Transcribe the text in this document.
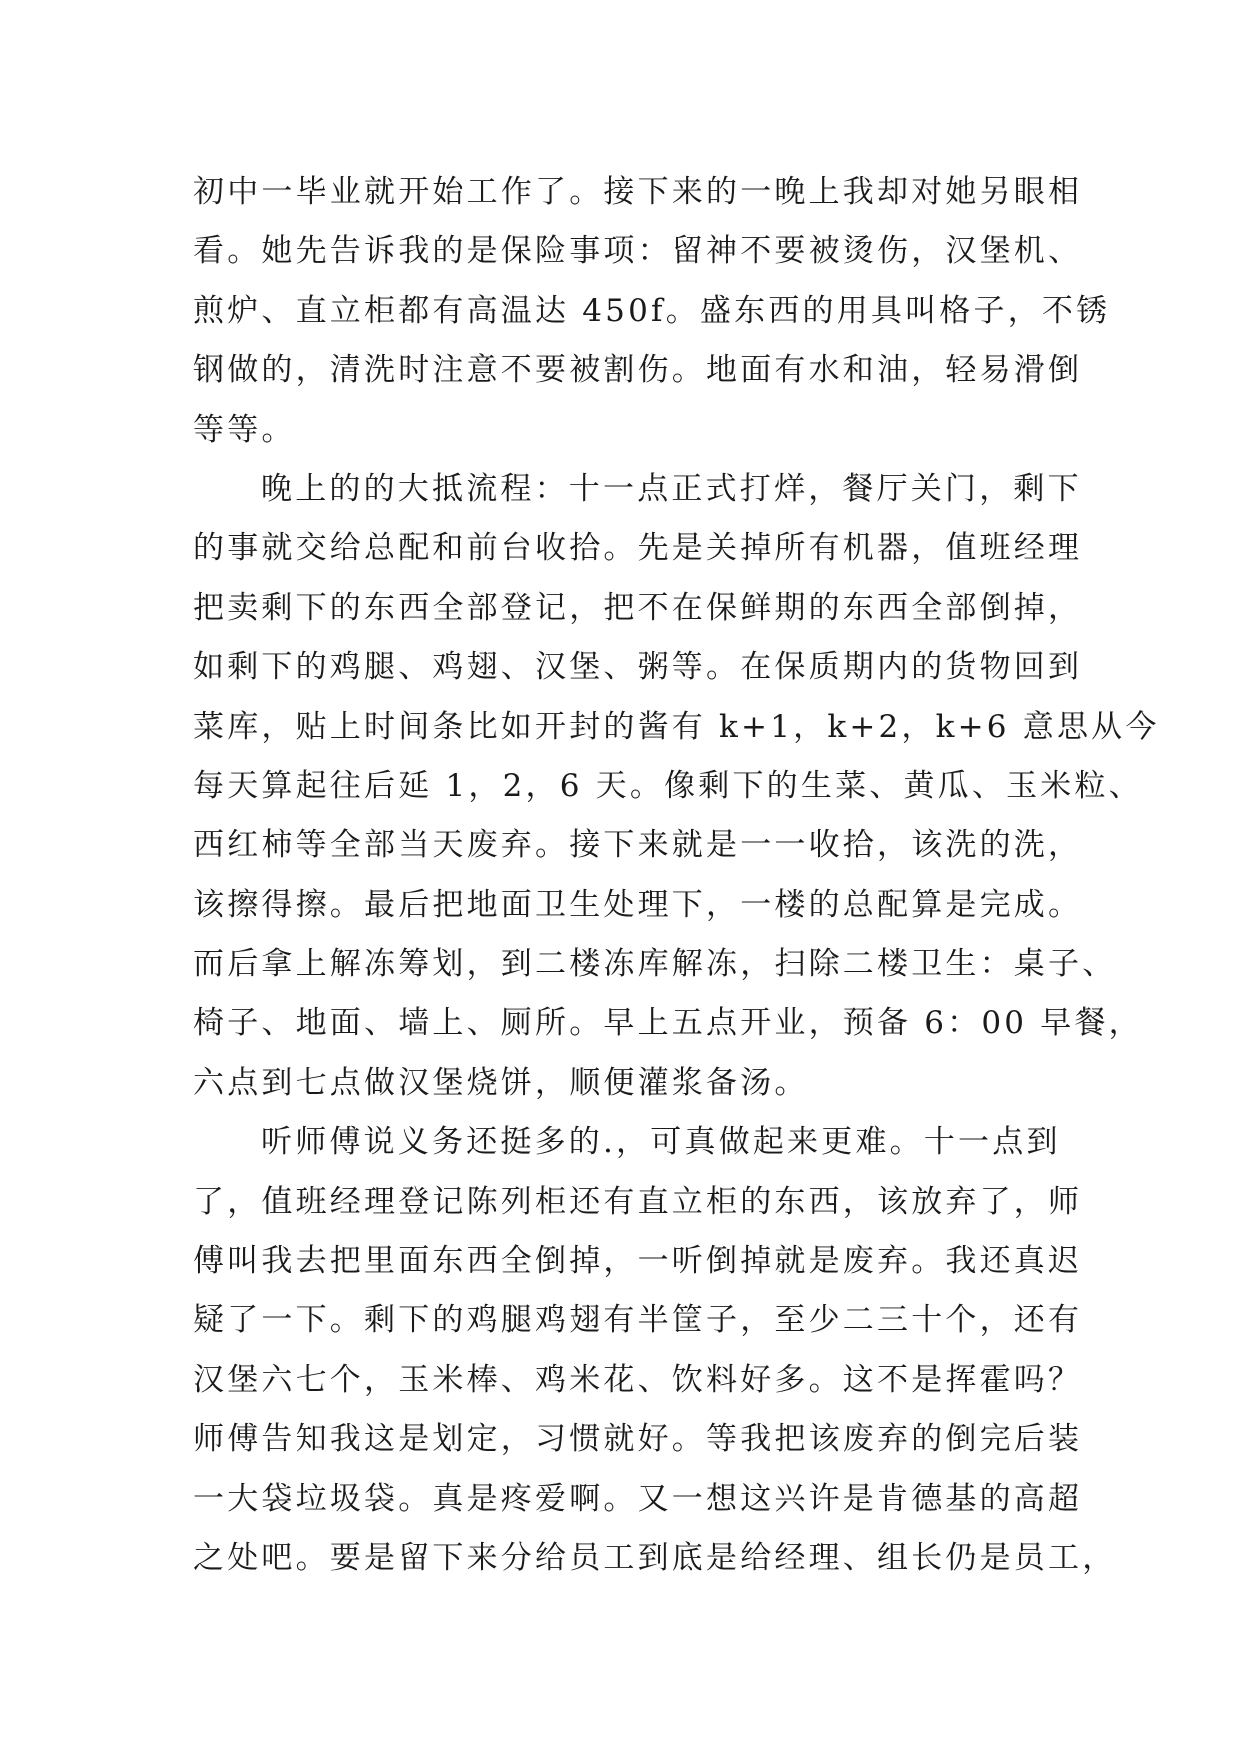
初中一毕业就开始工作了。接下来的一晚上我却对她另眼相
看。她先告诉我的是保险事项：留神不要被烫伤，汉堡机、
煎炉、直立柜都有高温达 450f。盛东西的用具叫格子，不锈
钢做的，清洗时注意不要被割伤。地面有水和油，轻易滑倒
等等。
晚上的的大抵流程：十一点正式打烊，餐厅关门，剩下
的事就交给总配和前台收拾。先是关掉所有机器，值班经理
把卖剩下的东西全部登记，把不在保鲜期的东西全部倒掉，
如剩下的鸡腿、鸡翅、汉堡、粥等。在保质期内的货物回到
菜库，贴上时间条比如开封的酱有 k+1，k+2，k+6 意思从今
每天算起往后延 1，2，6 天。像剩下的生菜、黄瓜、玉米粒、
西红柿等全部当天废弃。接下来就是一一收拾，该洗的洗，
该擦得擦。最后把地面卫生处理下，一楼的总配算是完成。
而后拿上解冻筹划，到二楼冻库解冻，扫除二楼卫生：桌子、
椅子、地面、墙上、厕所。早上五点开业，预备 6：00 早餐，
六点到七点做汉堡烧饼，顺便灌浆备汤。
听师傅说义务还挺多的.，可真做起来更难。十一点到
了，值班经理登记陈列柜还有直立柜的东西，该放弃了，师
傅叫我去把里面东西全倒掉，一听倒掉就是废弃。我还真迟
疑了一下。剩下的鸡腿鸡翅有半筐子，至少二三十个，还有
汉堡六七个，玉米棒、鸡米花、饮料好多。这不是挥霍吗？
师傅告知我这是划定，习惯就好。等我把该废弃的倒完后装
一大袋垃圾袋。真是疼爱啊。又一想这兴许是肯德基的高超
之处吧。要是留下来分给员工到底是给经理、组长仍是员工，
